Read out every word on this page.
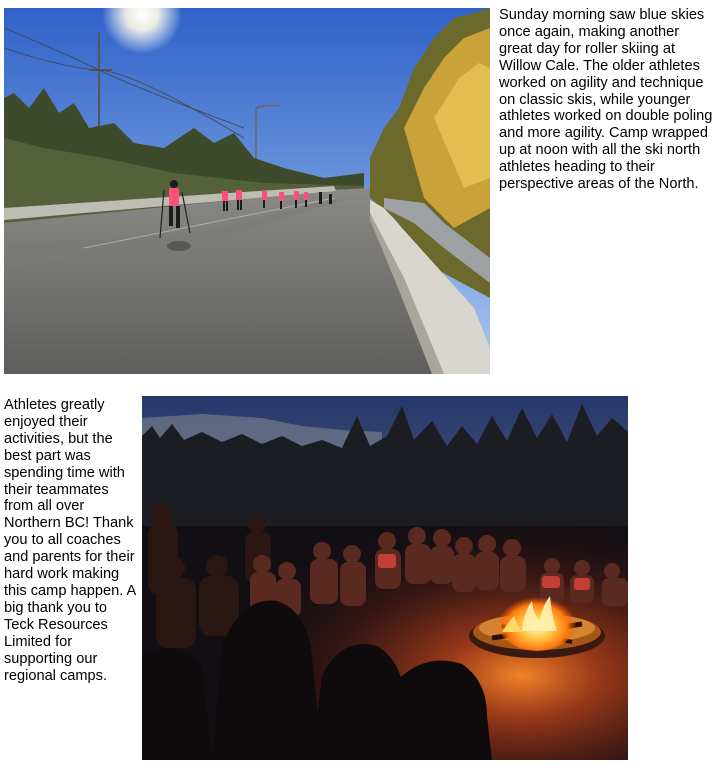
Sunday morning saw blue skies once again, making another great day for roller skiing at Willow Cale. The older athletes worked on agility and technique on classic skis, while younger athletes worked on double poling and more agility. Camp wrapped up at noon with all the ski north athletes heading to their perspective areas of the North.

Athletes greatly enjoyed their activities, but the best part was spending time with their teammates from all over Northern BC! Thank you to all coaches and parents for their hard work making this camp happen. A big thank you to Teck Resources Limited for supporting our regional camps.
